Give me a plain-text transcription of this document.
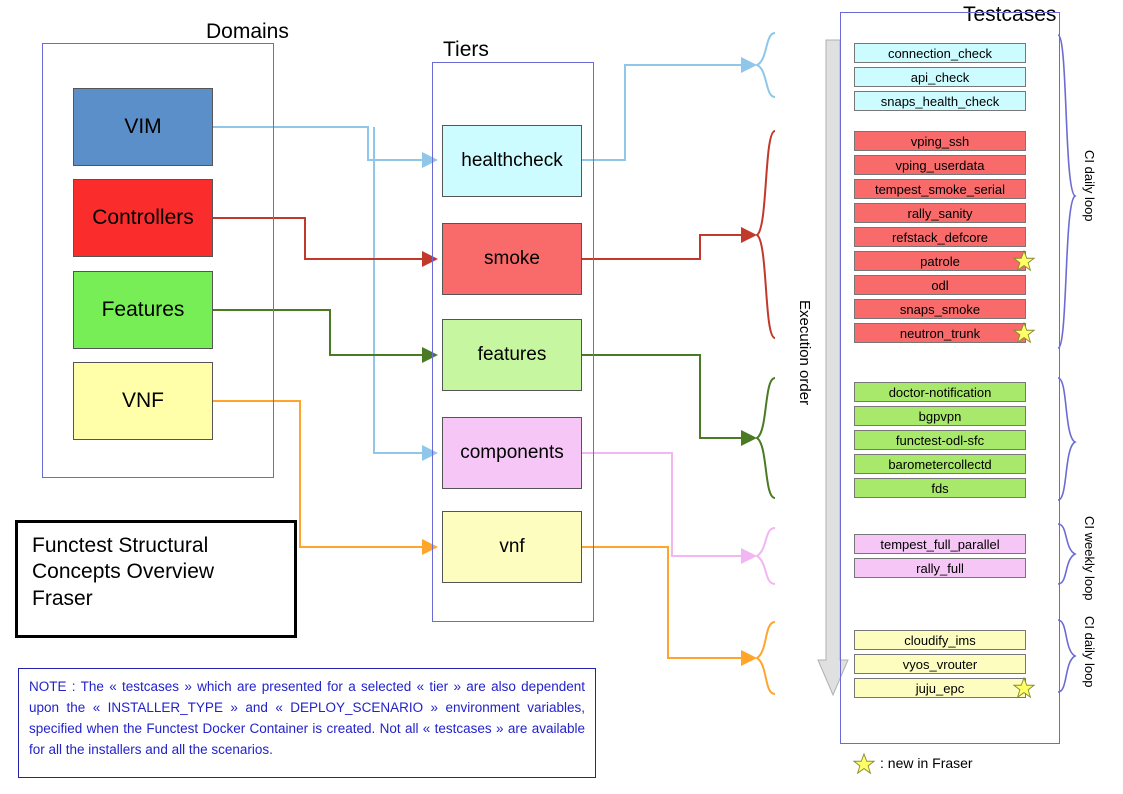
Domains
Tiers
Testcases
VIM
Controllers
Features
VNF
healthcheck
smoke
features
components
vnf
Execution order
connection_check
api_check
snaps_health_check
vping_ssh
vping_userdata
tempest_smoke_serial
rally_sanity
refstack_defcore
patrole
odl
snaps_smoke
neutron_trunk
doctor-notification
bgpvpn
functest-odl-sfc
barometercollectd
fds
tempest_full_parallel
rally_full
cloudify_ims
vyos_vrouter
juju_epc
CI daily loop
CI weekly loop
CI daily loop
Functest Structural
Concepts Overview
Fraser
NOTE : The « testcases » which are presented for a selected « tier » are also dependent upon the « INSTALLER_TYPE » and « DEPLOY_SCENARIO » environment variables, specified when the Functest Docker Container is created. Not all « testcases » are available for all the installers and all the scenarios.
: new in Fraser
